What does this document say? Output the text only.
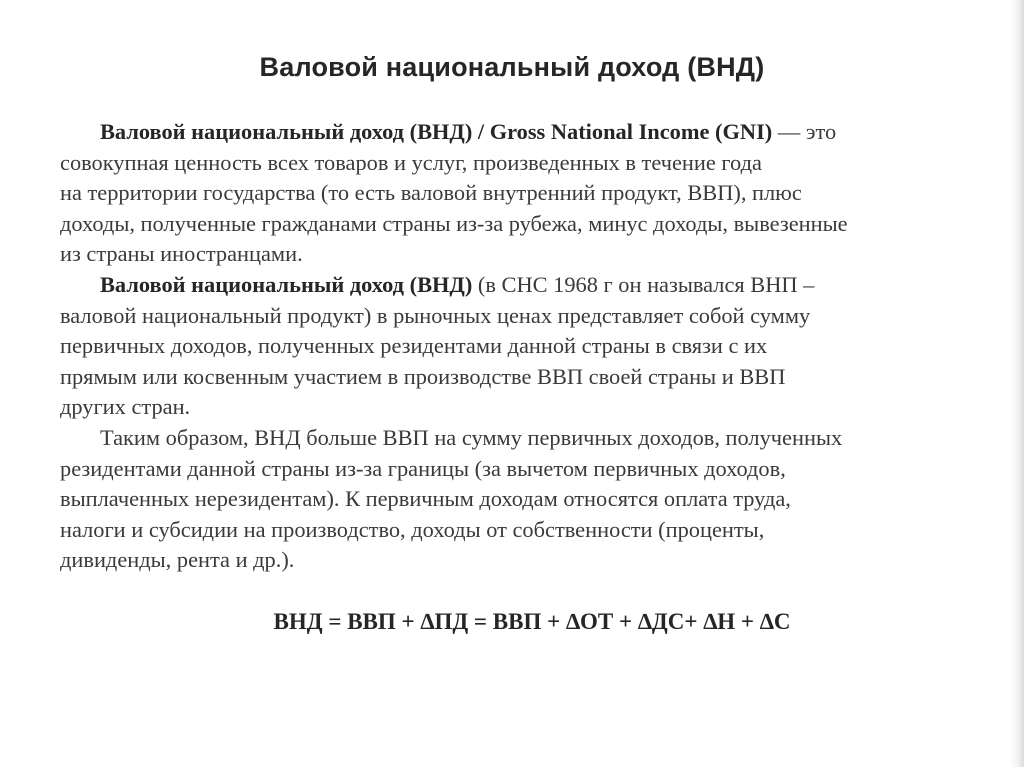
Валовой национальный доход (ВНД)

Валовой национальный доход (ВНД) / Gross National Income (GNI) — это
совокупная ценность всех товаров и услуг, произведенных в течение года
на территории государства (то есть валовой внутренний продукт, ВВП), плюс
доходы, полученные гражданами страны из-за рубежа, минус доходы, вывезенные
из страны иностранцами.

Валовой национальный доход (ВНД) (в СНС 1968 г он назывался ВНП –
валовой национальный продукт) в рыночных ценах представляет собой сумму
первичных доходов, полученных резидентами данной страны в связи с их
прямым или косвенным участием в производстве ВВП своей страны и ВВП
других стран.

Таким образом, ВНД больше ВВП на сумму первичных доходов, полученных
резидентами данной страны из-за границы (за вычетом первичных доходов,
выплаченных нерезидентам). К первичным доходам относятся оплата труда,
налоги и субсидии на производство, доходы от собственности (проценты,
дивиденды, рента и др.).

ВНД = ВВП + ∆ПД = ВВП + ∆ОТ + ∆ДС+ ∆Н + ∆С
